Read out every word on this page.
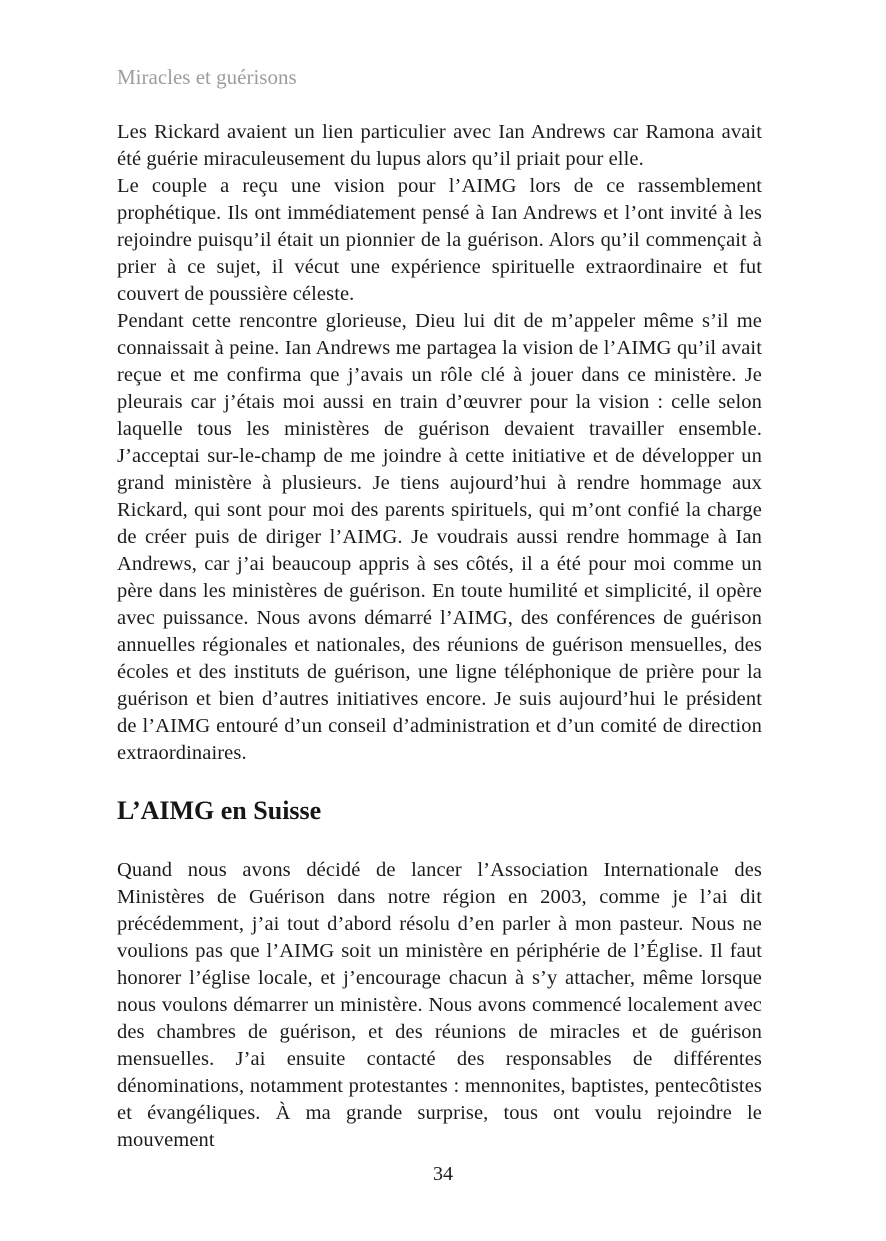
Miracles et guérisons

Les Rickard avaient un lien particulier avec Ian Andrews car Ramona avait été guérie miraculeusement du lupus alors qu’il priait pour elle.

Le couple a reçu une vision pour l’AIMG lors de ce rassemblement prophétique. Ils ont immédiatement pensé à Ian Andrews et l’ont invité à les rejoindre puisqu’il était un pionnier de la guérison. Alors qu’il commençait à prier à ce sujet, il vécut une expérience spirituelle extraordinaire et fut couvert de poussière céleste.

Pendant cette rencontre glorieuse, Dieu lui dit de m’appeler même s’il me connaissait à peine. Ian Andrews me partagea la vision de l’AIMG qu’il avait reçue et me confirma que j’avais un rôle clé à jouer dans ce ministère. Je pleurais car j’étais moi aussi en train d’œuvrer pour la vision : celle selon laquelle tous les ministères de guérison devaient travailler ensemble. J’acceptai sur-le-champ de me joindre à cette initiative et de développer un grand ministère à plusieurs. Je tiens aujourd’hui à rendre hommage aux Rickard, qui sont pour moi des parents spirituels, qui m’ont confié la charge de créer puis de diriger l’AIMG. Je voudrais aussi rendre hommage à Ian Andrews, car j’ai beaucoup appris à ses côtés, il a été pour moi comme un père dans les ministères de guérison. En toute humilité et simplicité, il opère avec puissance. Nous avons démarré l’AIMG, des conférences de guérison annuelles régionales et nationales, des réunions de guérison mensuelles, des écoles et des instituts de guérison, une ligne téléphonique de prière pour la guérison et bien d’autres initiatives encore. Je suis aujourd’hui le président de l’AIMG entouré d’un conseil d’administration et d’un comité de direction extraordinaires.

L’AIMG en Suisse

Quand nous avons décidé de lancer l’Association Internationale des Ministères de Guérison dans notre région en 2003, comme je l’ai dit précédemment, j’ai tout d’abord résolu d’en parler à mon pasteur. Nous ne voulions pas que l’AIMG soit un ministère en périphérie de l’Église. Il faut honorer l’église locale, et j’encourage chacun à s’y attacher, même lorsque nous voulons démarrer un ministère. Nous avons commencé localement avec des chambres de guérison, et des réunions de miracles et de guérison mensuelles. J’ai ensuite contacté des responsables de différentes dénominations, notamment protestantes : mennonites, baptistes, pentecôtistes et évangéliques. À ma grande surprise, tous ont voulu rejoindre le mouvement

34
